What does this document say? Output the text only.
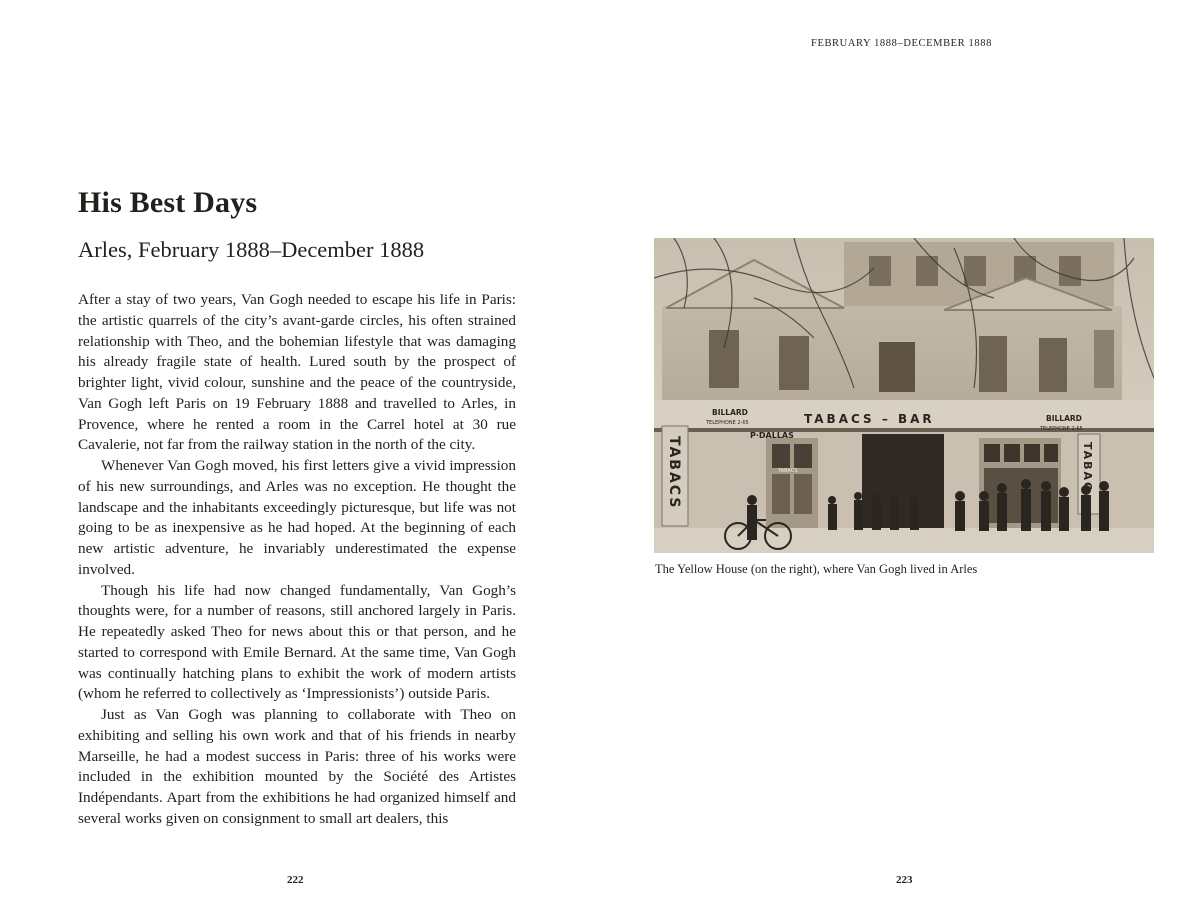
FEBRUARY 1888–DECEMBER 1888
His Best Days
Arles, February 1888–December 1888

After a stay of two years, Van Gogh needed to escape his life in Paris: the artistic quarrels of the city’s avant-garde circles, his often strained relationship with Theo, and the bohemian lifestyle that was damaging his already fragile state of health. Lured south by the prospect of brighter light, vivid colour, sunshine and the peace of the countryside, Van Gogh left Paris on 19 February 1888 and travelled to Arles, in Provence, where he rented a room in the Carrel hotel at 30 rue Cavalerie, not far from the railway station in the north of the city.

Whenever Van Gogh moved, his first letters give a vivid impression of his new surroundings, and Arles was no exception. He thought the landscape and the inhabitants exceedingly picturesque, but life was not going to be as inexpensive as he had hoped. At the beginning of each new artistic adventure, he invariably underestimated the expense involved.

Though his life had now changed fundamentally, Van Gogh’s thoughts were, for a number of reasons, still anchored largely in Paris. He repeatedly asked Theo for news about this or that person, and he started to correspond with Emile Bernard. At the same time, Van Gogh was continually hatching plans to exhibit the work of modern artists (whom he referred to collectively as ‘Impressionists’) outside Paris.

Just as Van Gogh was planning to collaborate with Theo on exhibiting and selling his own work and that of his friends in nearby Marseille, he had a modest success in Paris: three of his works were included in the exhibition mounted by the Société des Artistes Indépendants. Apart from the exhibitions he had organized himself and several works given on consignment to small art dealers, this

TABACS – BAR
BILLARD
TELEPHONE 2-65	BILLARD
TELEPHONE 2-65
P·DALLAS
TABACS
TABACS	TABAC
The Yellow House (on the right), where Van Gogh lived in Arles
222	223
